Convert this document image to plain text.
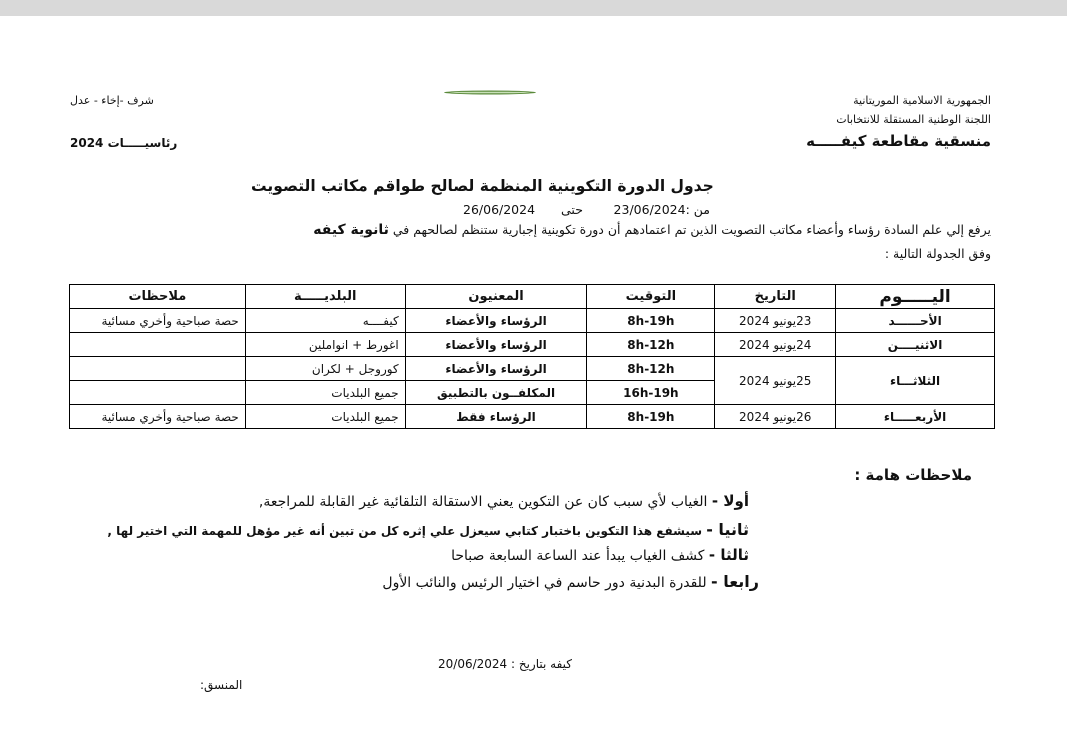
الجمهورية الاسلامية الموريتانية
اللجنة الوطنية المستقلة للانتخابات
منسقية مقاطعة كيفـــــه
شرف -إخاء - عدل
رئاسيـــــات 2024
جدول الدورة التكوينية المنظمة لصالح طواقم مكاتب التصويت
من :23/06/2024
حتى
26/06/2024
يرفع إلي علم السادة رؤساء وأعضاء مكاتب التصويت الذين تم اعتمادهم أن دورة تكوينية إجبارية ستنظم لصالحهم في ثانوية كيفه
وفق الجدولة التالية :
اليـــــوم	التاريخ	التوقيت	المعنيون	البلديـــــة	ملاحظات
الأحــــــد	23يونيو 2024	8h-19h	الرؤساء والأعضاء	كيفــــه	حصة صباحية وأخري مسائية
الاثنيــــن	24يونيو 2024	8h-12h	الرؤساء والأعضاء	اغورط + انواملين	
الثلاثـــاء	25يونيو 2024	8h-12h	الرؤساء والأعضاء	كوروجل + لكران	
		16h-19h	المكلفــون بالتطبيق	جميع البلديات	
الأربعـــــاء	26يونيو 2024	8h-19h	الرؤساء فقط	جميع البلديات	حصة صباحية وأخري مسائية
ملاحظات هامة :
أولا - الغياب لأي سبب كان عن التكوين يعني الاستقالة التلقائية غير القابلة للمراجعة,
ثانيا - سيشفع هذا التكوين باختبار كتابي سيعزل علي إثره كل من تبين أنه غير مؤهل للمهمة التي اختير لها ,
ثالثا - كشف الغياب يبدأ عند الساعة السابعة صباحا
رابعا - للقدرة البدنية دور حاسم في اختيار الرئيس والنائب الأول
كيفه بتاريخ : 20/06/2024
المنسق:
